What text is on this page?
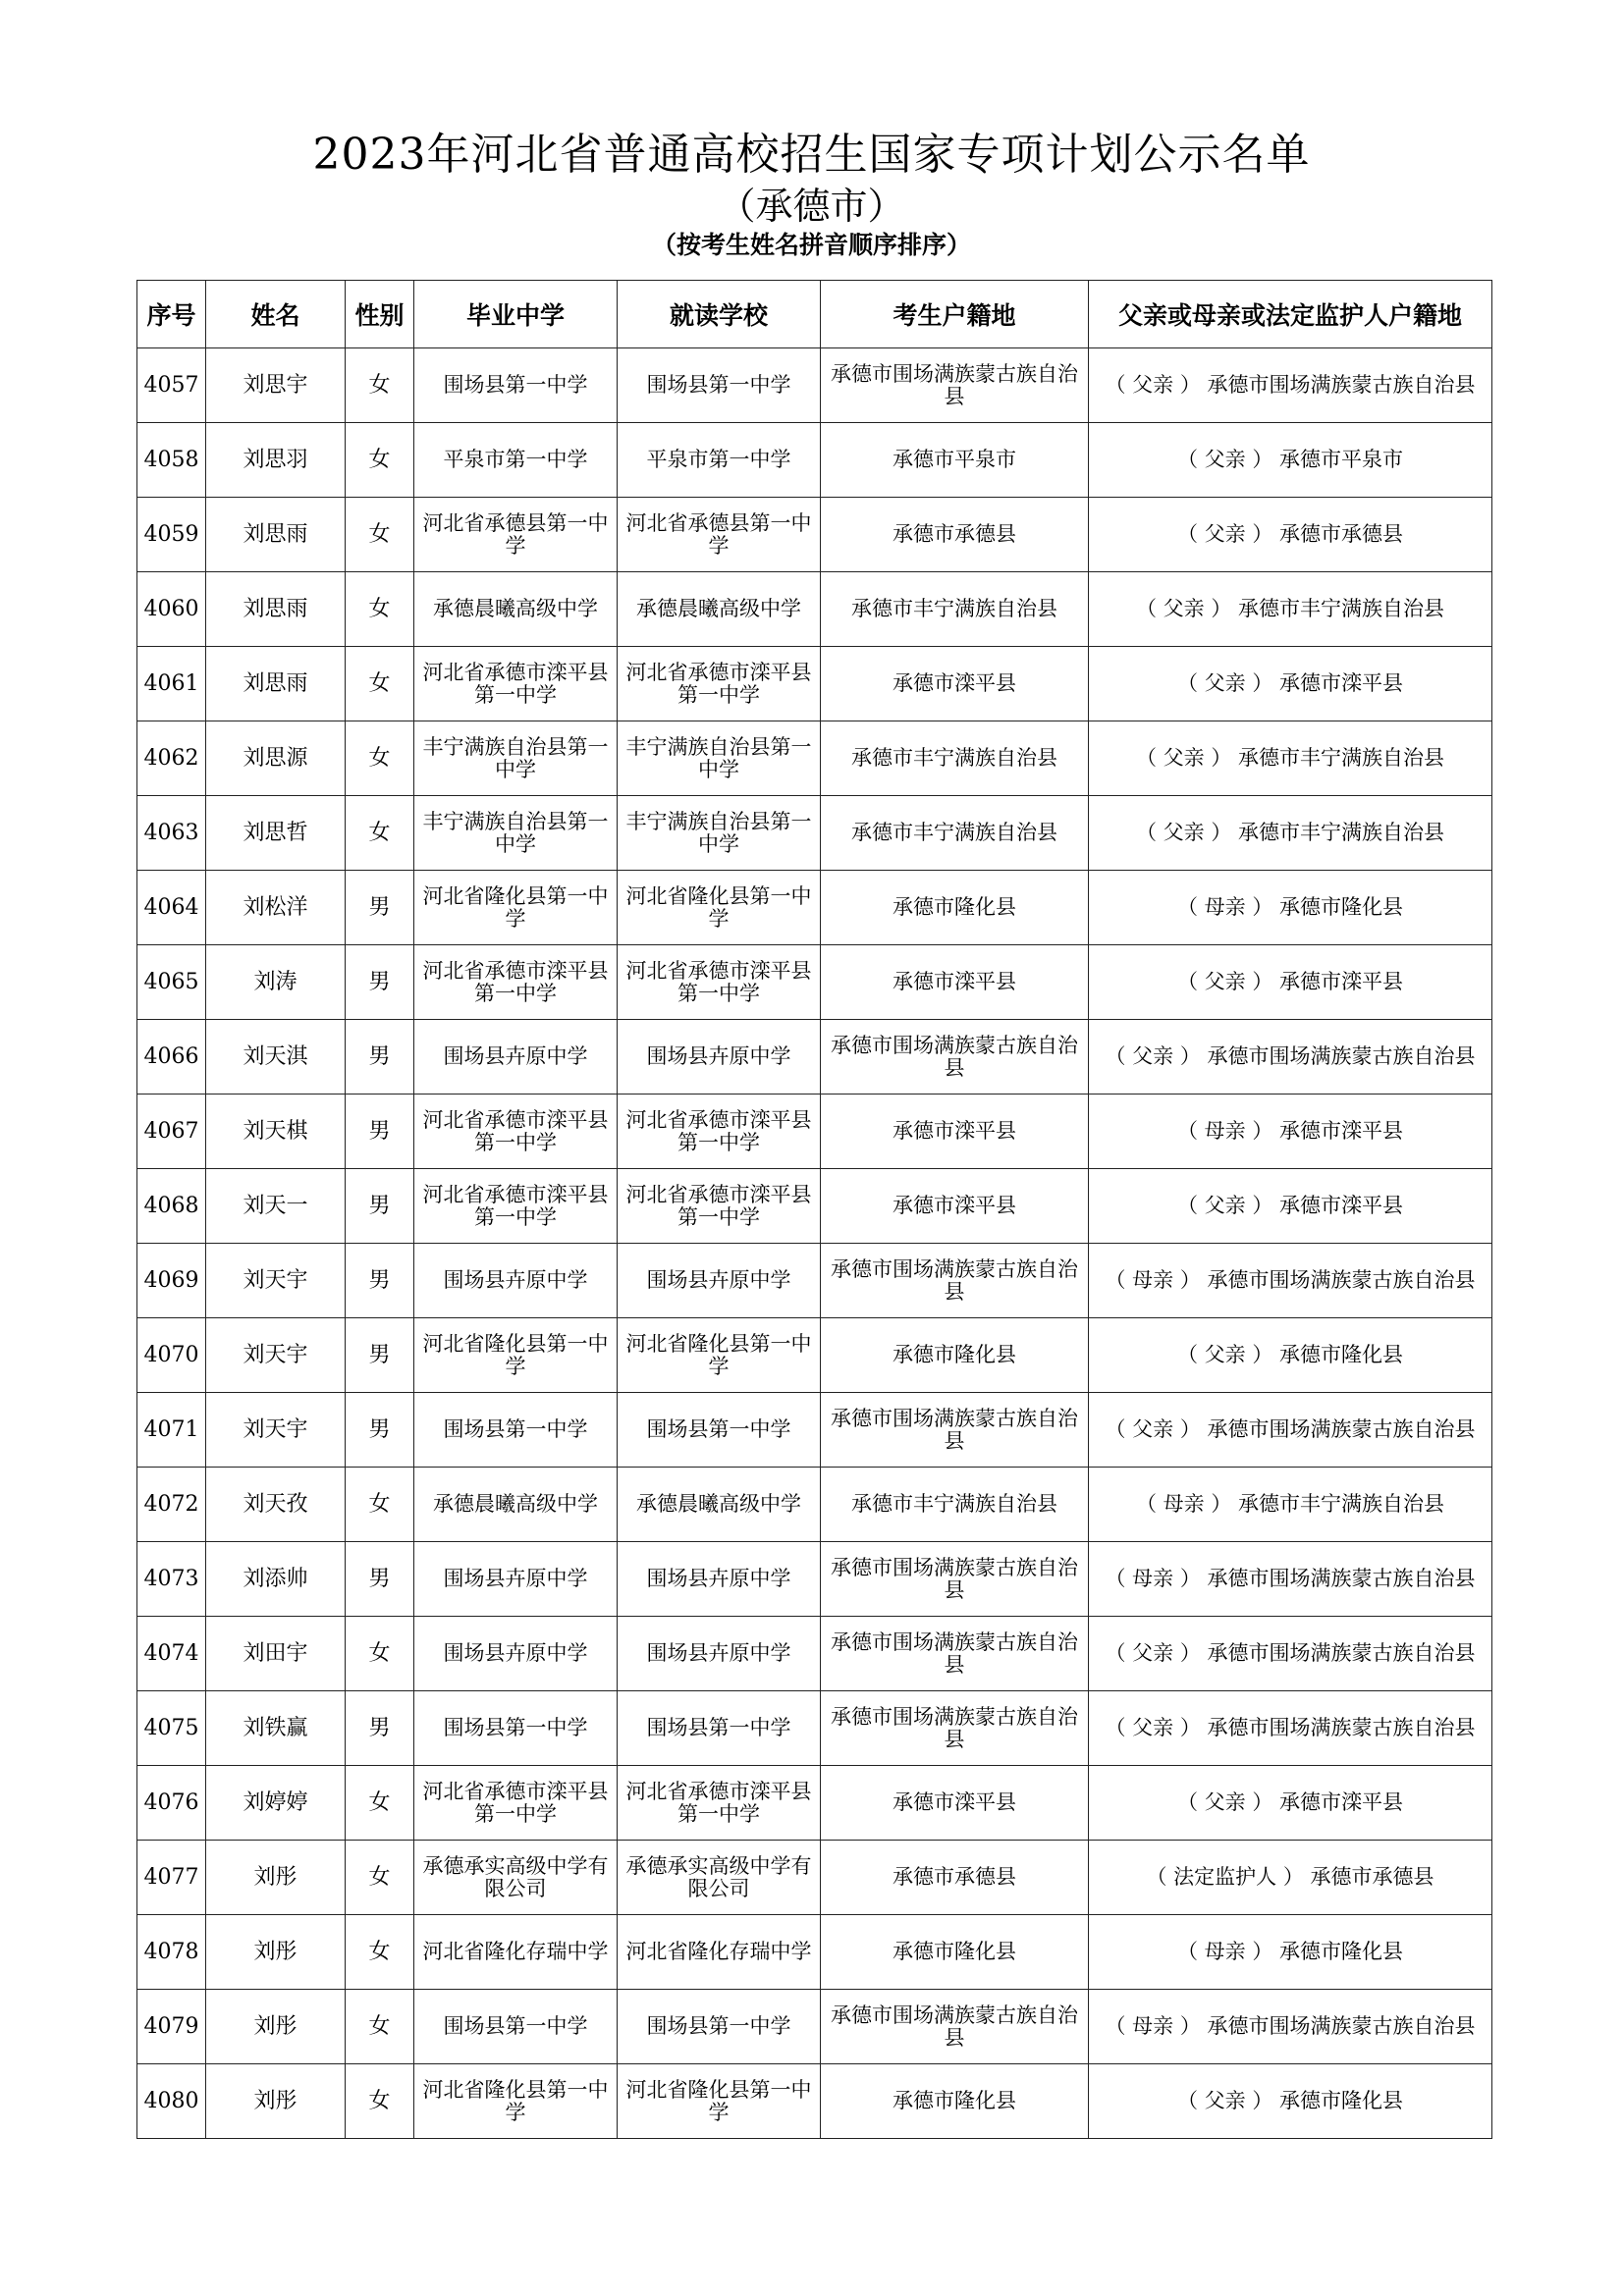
2023年河北省普通高校招生国家专项计划公示名单
（承德市）
（按考生姓名拼音顺序排序）
序号	姓名	性别	毕业中学	就读学校	考生户籍地	父亲或母亲或法定监护人户籍地
4057	刘思宇	女	围场县第一中学	围场县第一中学	承德市围场满族蒙古族自治县	（ 父亲 ） 承德市围场满族蒙古族自治县
4058	刘思羽	女	平泉市第一中学	平泉市第一中学	承德市平泉市	（ 父亲 ） 承德市平泉市
4059	刘思雨	女	河北省承德县第一中学	河北省承德县第一中学	承德市承德县	（ 父亲 ） 承德市承德县
4060	刘思雨	女	承德晨曦高级中学	承德晨曦高级中学	承德市丰宁满族自治县	（ 父亲 ） 承德市丰宁满族自治县
4061	刘思雨	女	河北省承德市滦平县第一中学	河北省承德市滦平县第一中学	承德市滦平县	（ 父亲 ） 承德市滦平县
4062	刘思源	女	丰宁满族自治县第一中学	丰宁满族自治县第一中学	承德市丰宁满族自治县	（ 父亲 ） 承德市丰宁满族自治县
4063	刘思哲	女	丰宁满族自治县第一中学	丰宁满族自治县第一中学	承德市丰宁满族自治县	（ 父亲 ） 承德市丰宁满族自治县
4064	刘松洋	男	河北省隆化县第一中学	河北省隆化县第一中学	承德市隆化县	（ 母亲 ） 承德市隆化县
4065	刘涛	男	河北省承德市滦平县第一中学	河北省承德市滦平县第一中学	承德市滦平县	（ 父亲 ） 承德市滦平县
4066	刘天淇	男	围场县卉原中学	围场县卉原中学	承德市围场满族蒙古族自治县	（ 父亲 ） 承德市围场满族蒙古族自治县
4067	刘天棋	男	河北省承德市滦平县第一中学	河北省承德市滦平县第一中学	承德市滦平县	（ 母亲 ） 承德市滦平县
4068	刘天一	男	河北省承德市滦平县第一中学	河北省承德市滦平县第一中学	承德市滦平县	（ 父亲 ） 承德市滦平县
4069	刘天宇	男	围场县卉原中学	围场县卉原中学	承德市围场满族蒙古族自治县	（ 母亲 ） 承德市围场满族蒙古族自治县
4070	刘天宇	男	河北省隆化县第一中学	河北省隆化县第一中学	承德市隆化县	（ 父亲 ） 承德市隆化县
4071	刘天宇	男	围场县第一中学	围场县第一中学	承德市围场满族蒙古族自治县	（ 父亲 ） 承德市围场满族蒙古族自治县
4072	刘天孜	女	承德晨曦高级中学	承德晨曦高级中学	承德市丰宁满族自治县	（ 母亲 ） 承德市丰宁满族自治县
4073	刘添帅	男	围场县卉原中学	围场县卉原中学	承德市围场满族蒙古族自治县	（ 母亲 ） 承德市围场满族蒙古族自治县
4074	刘田宇	女	围场县卉原中学	围场县卉原中学	承德市围场满族蒙古族自治县	（ 父亲 ） 承德市围场满族蒙古族自治县
4075	刘铁赢	男	围场县第一中学	围场县第一中学	承德市围场满族蒙古族自治县	（ 父亲 ） 承德市围场满族蒙古族自治县
4076	刘婷婷	女	河北省承德市滦平县第一中学	河北省承德市滦平县第一中学	承德市滦平县	（ 父亲 ） 承德市滦平县
4077	刘彤	女	承德承实高级中学有限公司	承德承实高级中学有限公司	承德市承德县	（ 法定监护人 ） 承德市承德县
4078	刘彤	女	河北省隆化存瑞中学	河北省隆化存瑞中学	承德市隆化县	（ 母亲 ） 承德市隆化县
4079	刘彤	女	围场县第一中学	围场县第一中学	承德市围场满族蒙古族自治县	（ 母亲 ） 承德市围场满族蒙古族自治县
4080	刘彤	女	河北省隆化县第一中学	河北省隆化县第一中学	承德市隆化县	（ 父亲 ） 承德市隆化县
